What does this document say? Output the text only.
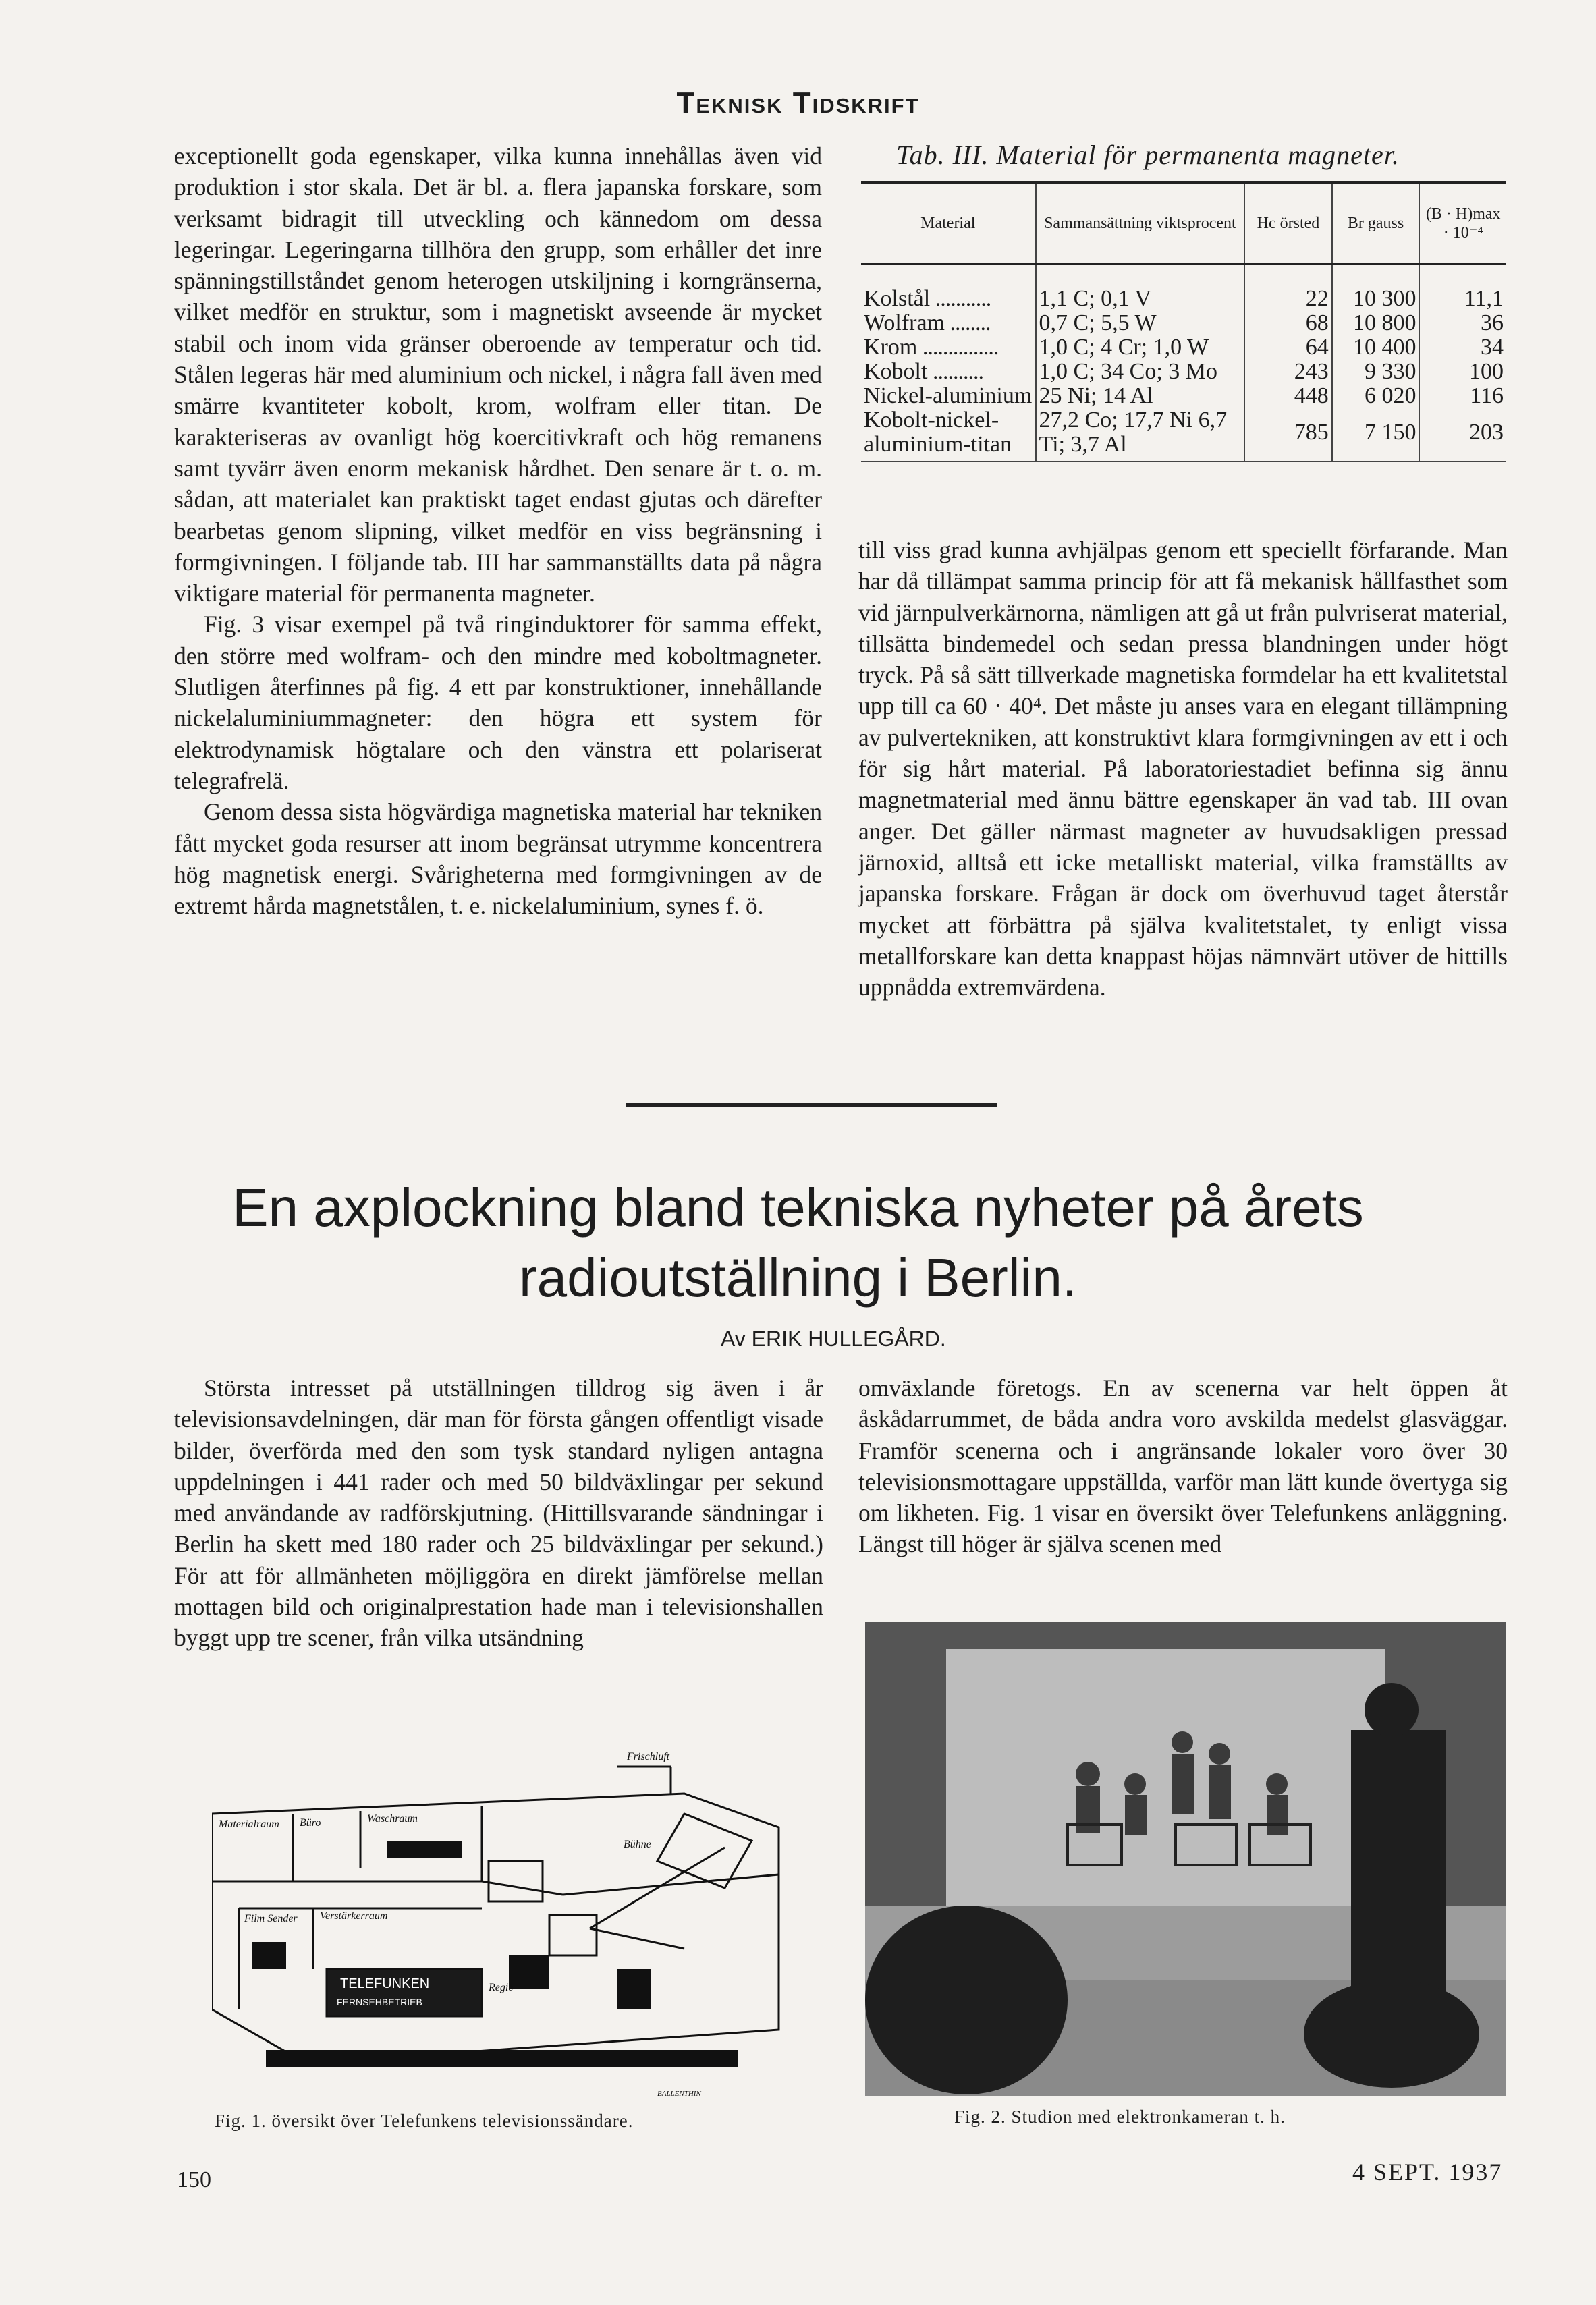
Teknisk Tidskrift

exceptionellt goda egenskaper, vilka kunna innehållas även vid produktion i stor skala. Det är bl. a. flera japanska forskare, som verksamt bidragit till utveckling och kännedom om dessa legeringar. Legeringarna tillhöra den grupp, som erhåller det inre spänningstillståndet genom heterogen utskiljning i korngränserna, vilket medför en struktur, som i magnetiskt avseende är mycket stabil och inom vida gränser oberoende av temperatur och tid. Stålen legeras här med aluminium och nickel, i några fall även med smärre kvantiteter kobolt, krom, wolfram eller titan. De karakteriseras av ovanligt hög koercitivkraft och hög remanens samt tyvärr även enorm mekanisk hårdhet. Den senare är t. o. m. sådan, att materialet kan praktiskt taget endast gjutas och därefter bearbetas genom slipning, vilket medför en viss begränsning i formgivningen. I följande tab. III har sammanställts data på några viktigare material för permanenta magneter.

Fig. 3 visar exempel på två ringinduktorer för samma effekt, den större med wolfram- och den mindre med koboltmagneter. Slutligen återfinnes på fig. 4 ett par konstruktioner, innehållande nickelaluminiummagneter: den högra ett system för elektrodynamisk högtalare och den vänstra ett polariserat telegrafrelä.

Genom dessa sista högvärdiga magnetiska material har tekniken fått mycket goda resurser att inom begränsat utrymme koncentrera hög magnetisk energi. Svårigheterna med formgivningen av de extremt hårda magnetstålen, t. e. nickelaluminium, synes f. ö.

Tab. III. Material för permanenta magneter.
Material	Sammansättning viktsprocent	Hc örsted	Br gauss	(B · H)max · 10⁻⁴
Kolstål ...........	1,1 C; 0,1 V	22	10 300	11,1
Wolfram ........	0,7 C; 5,5 W	68	10 800	36
Krom ...............	1,0 C; 4 Cr; 1,0 W	64	10 400	34
Kobolt ..........	1,0 C; 34 Co; 3 Mo	243	9 330	100
Nickel-aluminium	25 Ni; 14 Al	448	6 020	116
Kobolt-nickel-aluminium-titan	27,2 Co; 17,7 Ni 6,7 Ti; 3,7 Al	785	7 150	203

till viss grad kunna avhjälpas genom ett speciellt förfarande. Man har då tillämpat samma princip för att få mekanisk hållfasthet som vid järnpulverkärnorna, nämligen att gå ut från pulvriserat material, tillsätta bindemedel och sedan pressa blandningen under högt tryck. På så sätt tillverkade magnetiska formdelar ha ett kvalitetstal upp till ca 60 · 40⁴. Det måste ju anses vara en elegant tillämpning av pulvertekniken, att konstruktivt klara formgivningen av ett i och för sig hårt material. På laboratoriestadiet befinna sig ännu magnetmaterial med ännu bättre egenskaper än vad tab. III ovan anger. Det gäller närmast magneter av huvudsakligen pressad järnoxid, alltså ett icke metalliskt material, vilka framställts av japanska forskare. Frågan är dock om överhuvud taget återstår mycket att förbättra på själva kvalitetstalet, ty enligt vissa metallforskare kan detta knappast höjas nämnvärt utöver de hittills uppnådda extremvärdena.

En axplockning bland tekniska nyheter på årets radioutställning i Berlin.
Av ERIK HULLEGÅRD.

Största intresset på utställningen tilldrog sig även i år televisionsavdelningen, där man för första gången offentligt visade bilder, överförda med den som tysk standard nyligen antagna uppdelningen i 441 rader och med 50 bildväxlingar per sekund med användande av radförskjutning. (Hittillsvarande sändningar i Berlin ha skett med 180 rader och 25 bildväxlingar per sekund.) För att för allmänheten möjliggöra en direkt jämförelse mellan mottagen bild och originalprestation hade man i televisionshallen byggt upp tre scener, från vilka utsändning

omväxlande företogs. En av scenerna var helt öppen åt åskådarrummet, de båda andra voro avskilda medelst glasväggar. Framför scenerna och i angränsande lokaler voro över 30 televisionsmottagare uppställda, varför man lätt kunde övertyga sig om likheten. Fig. 1 visar en översikt över Telefunkens anläggning. Längst till höger är själva scenen med

Frischluft
Materialraum Büro	Waschraum
Bühne
Verstärkerraum
Film Sender
Regie
BALLENTHIN
TELEFUNKEN
FERNSEHBETRIEB
Fig. 1. översikt över Telefunkens televisionssändare.	Fig. 2. Studion med elektronkameran t. h.
150	4 SEPT. 1937
